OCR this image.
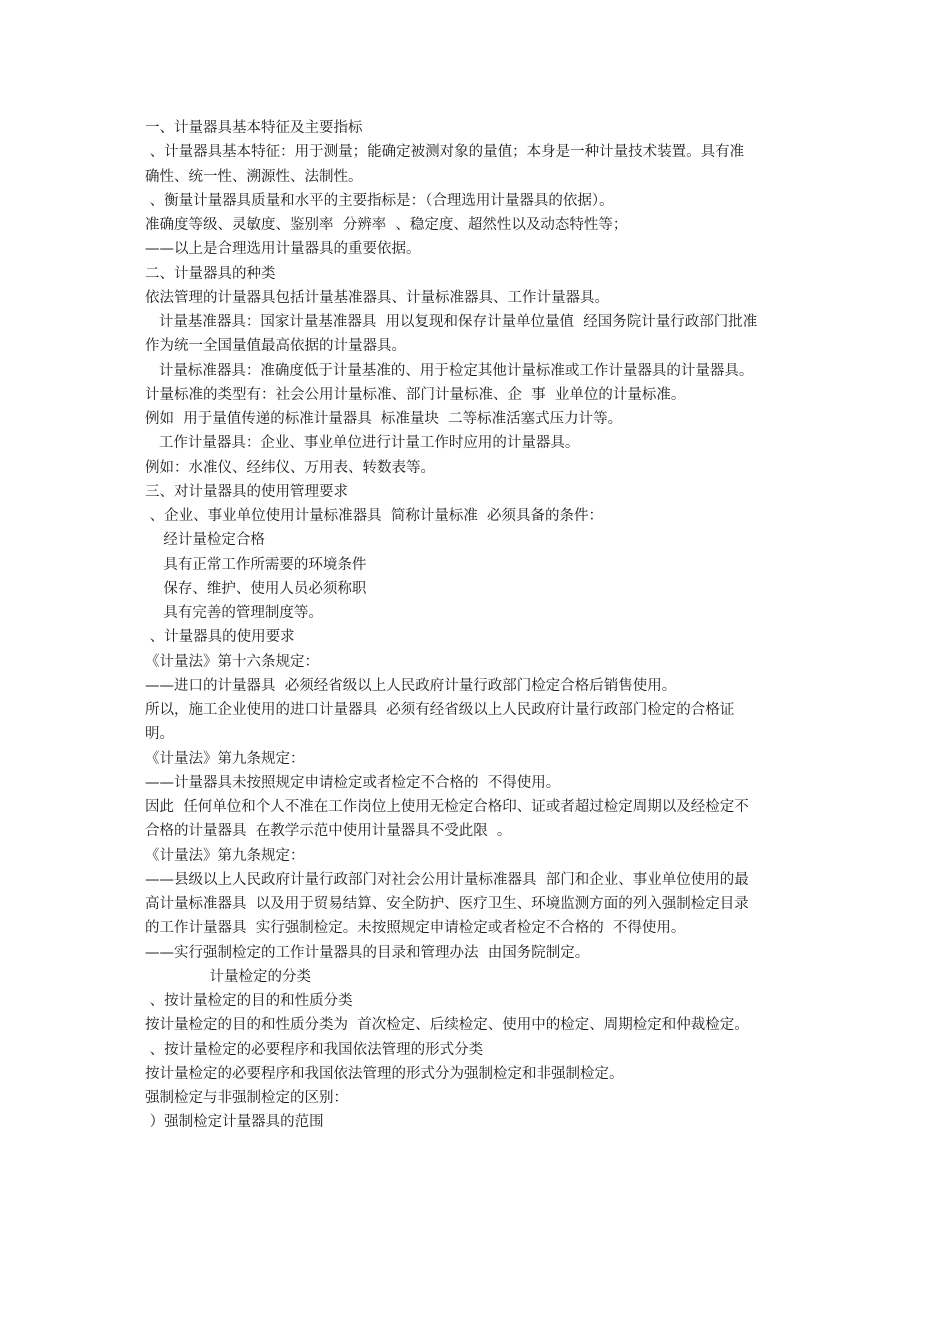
一、计量器具基本特征及主要指标
、计量器具基本特征：用于测量；能确定被测对象的量值；本身是一种计量技术装置。具有准
确性、统一性、溯源性、法制性。
、衡量计量器具质量和水平的主要指标是：（合理选用计量器具的依据）。
准确度等级、灵敏度、鉴别率  分辨率  、稳定度、超然性以及动态特性等；
——以上是合理选用计量器具的重要依据。
二、计量器具的种类
依法管理的计量器具包括计量基准器具、计量标准器具、工作计量器具。
计量基准器具：国家计量基准器具  用以复现和保存计量单位量值  经国务院计量行政部门批准
作为统一全国量值最高依据的计量器具。
计量标准器具：准确度低于计量基准的、用于检定其他计量标准或工作计量器具的计量器具。
计量标准的类型有：社会公用计量标准、部门计量标准、企  事  业单位的计量标准。
例如  用于量值传递的标准计量器具  标准量块  二等标准活塞式压力计等。
工作计量器具：企业、事业单位进行计量工作时应用的计量器具。
例如：水准仪、经纬仪、万用表、转数表等。
三、对计量器具的使用管理要求
、企业、事业单位使用计量标准器具  简称计量标准  必须具备的条件：
经计量检定合格
具有正常工作所需要的环境条件
保存、维护、使用人员必须称职
具有完善的管理制度等。
、计量器具的使用要求
《计量法》第十六条规定：
——进口的计量器具  必须经省级以上人民政府计量行政部门检定合格后销售使用。
所以，施工企业使用的进口计量器具  必须有经省级以上人民政府计量行政部门检定的合格证
明。
《计量法》第九条规定：
——计量器具未按照规定申请检定或者检定不合格的  不得使用。
因此  任何单位和个人不准在工作岗位上使用无检定合格印、证或者超过检定周期以及经检定不
合格的计量器具  在教学示范中使用计量器具不受此限  。
《计量法》第九条规定：
——县级以上人民政府计量行政部门对社会公用计量标准器具  部门和企业、事业单位使用的最
高计量标准器具  以及用于贸易结算、安全防护、医疗卫生、环境监测方面的列入强制检定目录
的工作计量器具  实行强制检定。未按照规定申请检定或者检定不合格的  不得使用。
——实行强制检定的工作计量器具的目录和管理办法  由国务院制定。
计量检定的分类
、按计量检定的目的和性质分类
按计量检定的目的和性质分类为  首次检定、后续检定、使用中的检定、周期检定和仲裁检定。
、按计量检定的必要程序和我国依法管理的形式分类
按计量检定的必要程序和我国依法管理的形式分为强制检定和非强制检定。
强制检定与非强制检定的区别：
）强制检定计量器具的范围
